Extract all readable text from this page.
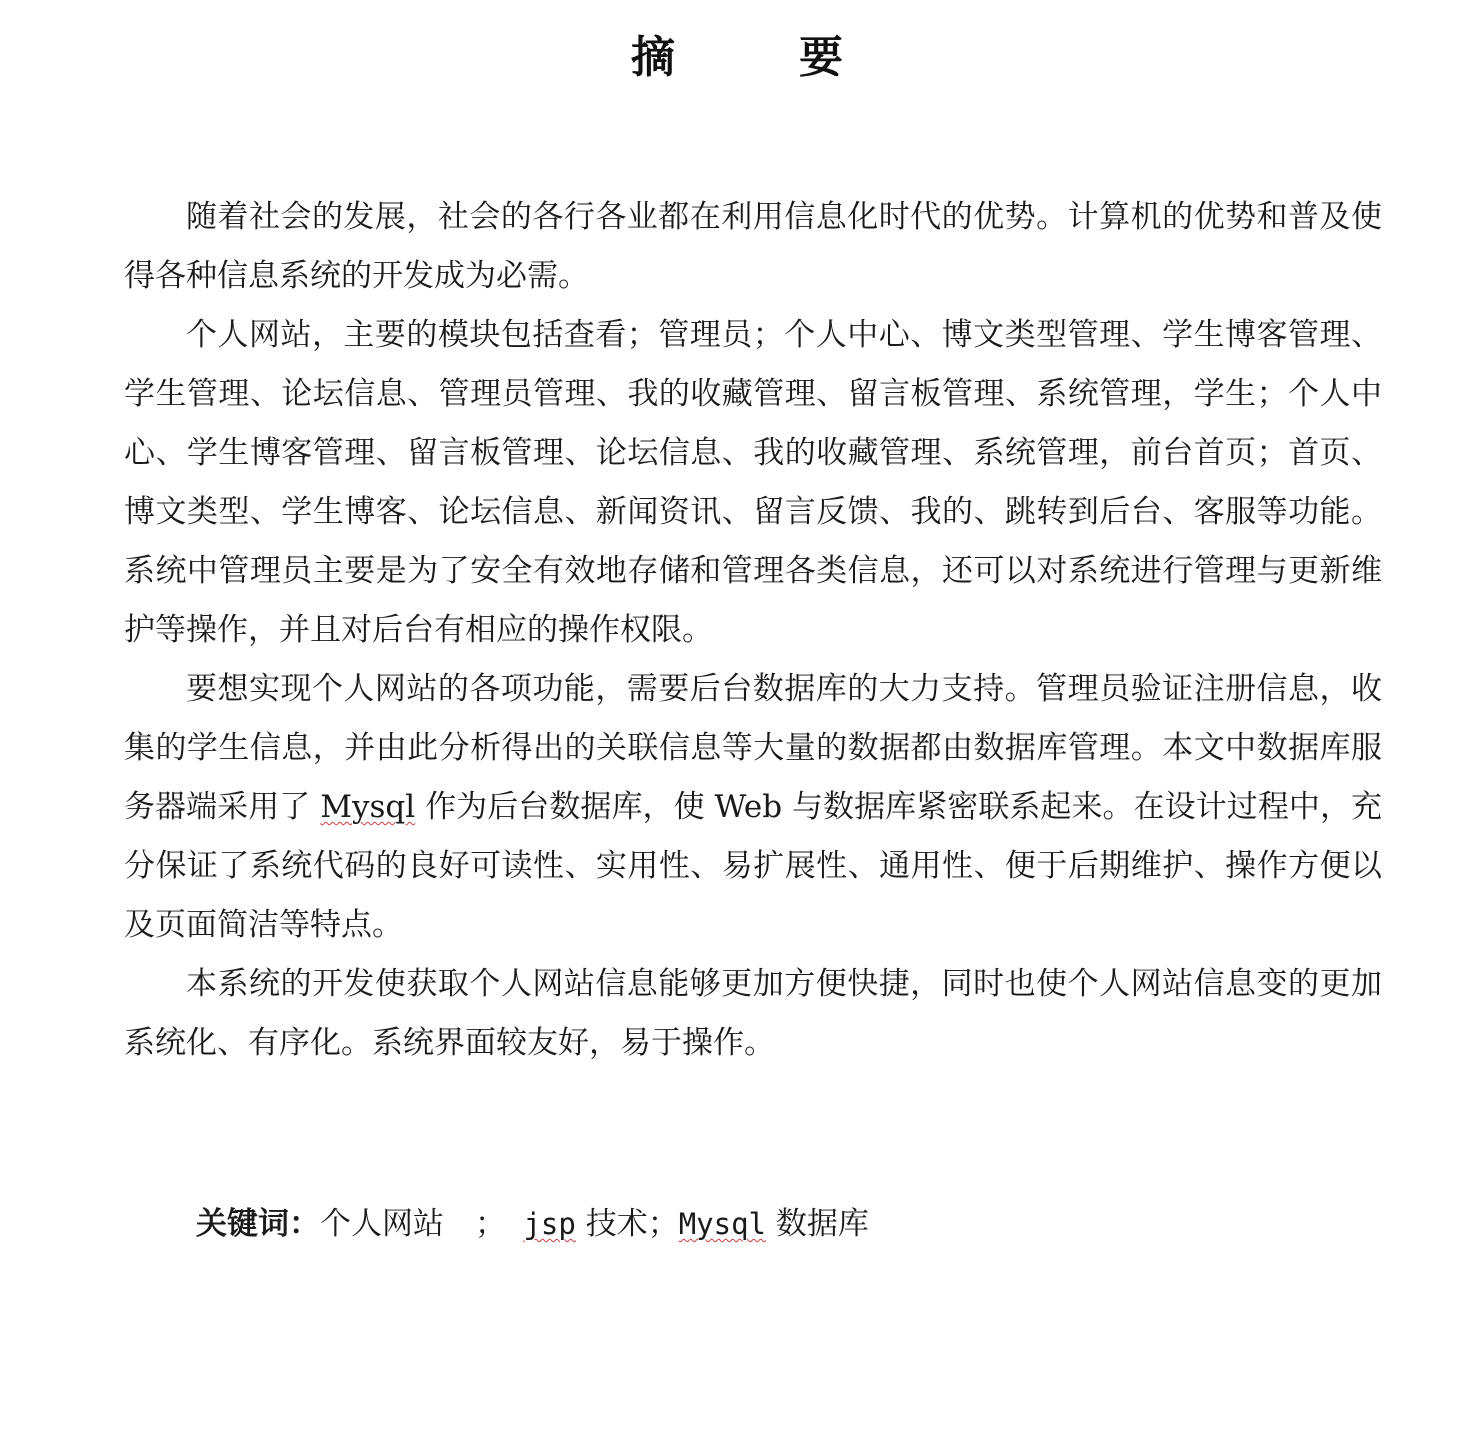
摘　要

随着社会的发展，社会的各行各业都在利用信息化时代的优势。计算机的优势和普及使得各种信息系统的开发成为必需。

个人网站，主要的模块包括查看；管理员；个人中心、博文类型管理、学生博客管理、学生管理、论坛信息、管理员管理、我的收藏管理、留言板管理、系统管理，学生；个人中心、学生博客管理、留言板管理、论坛信息、我的收藏管理、系统管理，前台首页；首页、博文类型、学生博客、论坛信息、新闻资讯、留言反馈、我的、跳转到后台、客服等功能。系统中管理员主要是为了安全有效地存储和管理各类信息，还可以对系统进行管理与更新维护等操作，并且对后台有相应的操作权限。

要想实现个人网站的各项功能，需要后台数据库的大力支持。管理员验证注册信息，收集的学生信息，并由此分析得出的关联信息等大量的数据都由数据库管理。本文中数据库服务器端采用了 Mysql 作为后台数据库，使 Web 与数据库紧密联系起来。在设计过程中，充分保证了系统代码的良好可读性、实用性、易扩展性、通用性、便于后期维护、操作方便以及页面简洁等特点。

本系统的开发使获取个人网站信息能够更加方便快捷，同时也使个人网站信息变的更加系统化、有序化。系统界面较友好，易于操作。

关键词：个人网站　； jsp 技术；Mysql 数据库
